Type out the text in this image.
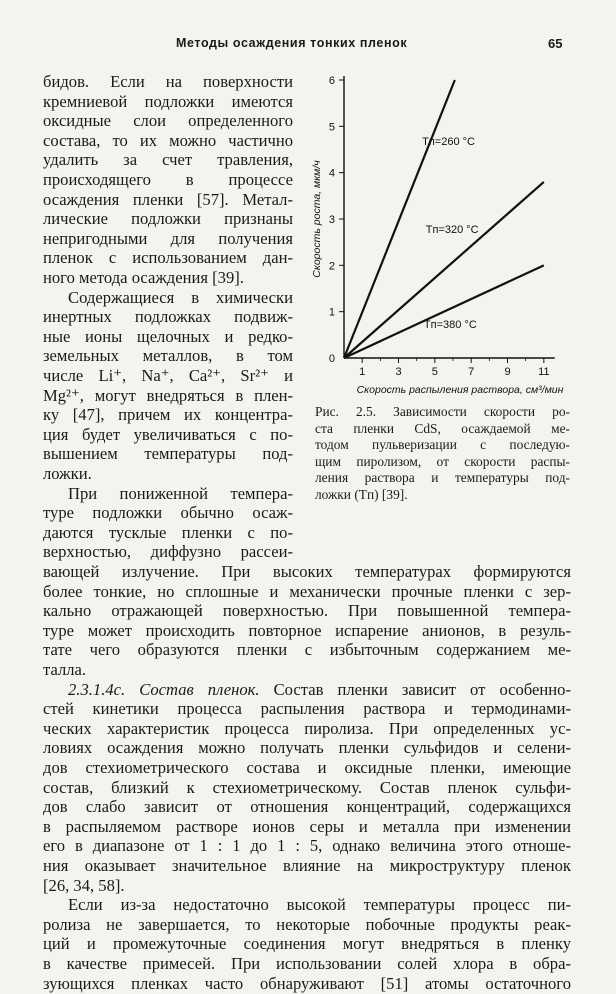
Методы осаждения тонких пленок	65
бидов. Если на поверхности
кремниевой подложки имеются
оксидные слои определенного
состава, то их можно частично
удалить за счет травления,
происходящего в процессе
осаждения пленки [57]. Метал-
лические подложки признаны
непригодными для получения
пленок с использованием дан-
ного метода осаждения [39].
Содержащиеся в химически
инертных подложках подвиж-
ные ионы щелочных и редко-
земельных металлов, в том
числе Li⁺, Na⁺, Ca²⁺, Sr²⁺ и
Mg²⁺, могут внедряться в плен-
ку [47], причем их концентра-
ция будет увеличиваться с по-
вышением температуры под-
ложки.
При пониженной темпера-
туре подложки обычно осаж-
даются тусклые пленки с по-
верхностью, диффузно рассеи-
вающей излучение. При высоких температурах формируются
более тонкие, но сплошные и механически прочные пленки с зер-
кально отражающей поверхностью. При повышенной темпера-
туре может происходить повторное испарение анионов, в резуль-
тате чего образуются пленки с избыточным содержанием ме-
талла.
2.3.1.4c. Состав пленок. Состав пленки зависит от особенно-
стей кинетики процесса распыления раствора и термодинами-
ческих характеристик процесса пиролиза. При определенных ус-
ловиях осаждения можно получать пленки сульфидов и селени-
дов стехиометрического состава и оксидные пленки, имеющие
состав, близкий к стехиометрическому. Состав пленок сульфи-
дов слабо зависит от отношения концентраций, содержащихся
в распыляемом растворе ионов серы и металла при изменении
его в диапазоне от 1 : 1 до 1 : 5, однако величина этого отноше-
ния оказывает значительное влияние на микроструктуру пленок
[26, 34, 58].
Если из-за недостаточно высокой температуры процесс пи-
ролиза не завершается, то некоторые побочные продукты реак-
ций и промежуточные соединения могут внедряться в пленку
в качестве примесей. При использовании солей хлора в обра-
зующихся пленках часто обнаруживают [51] атомы остаточного
0
1
2
3
4
5
6
1	3	5	7	9	11
Скорость распыления раствора, см³/мин
Скорость роста, мкм/ч
Tп=260 °C
Tп=320 °C
Tп=380 °C
Рис. 2.5. Зависимости скорости ро-
ста пленки CdS, осаждаемой ме-
тодом пульверизации с последую-
щим пиролизом, от скорости распы-
ления раствора и температуры под-
ложки (Tп) [39].
